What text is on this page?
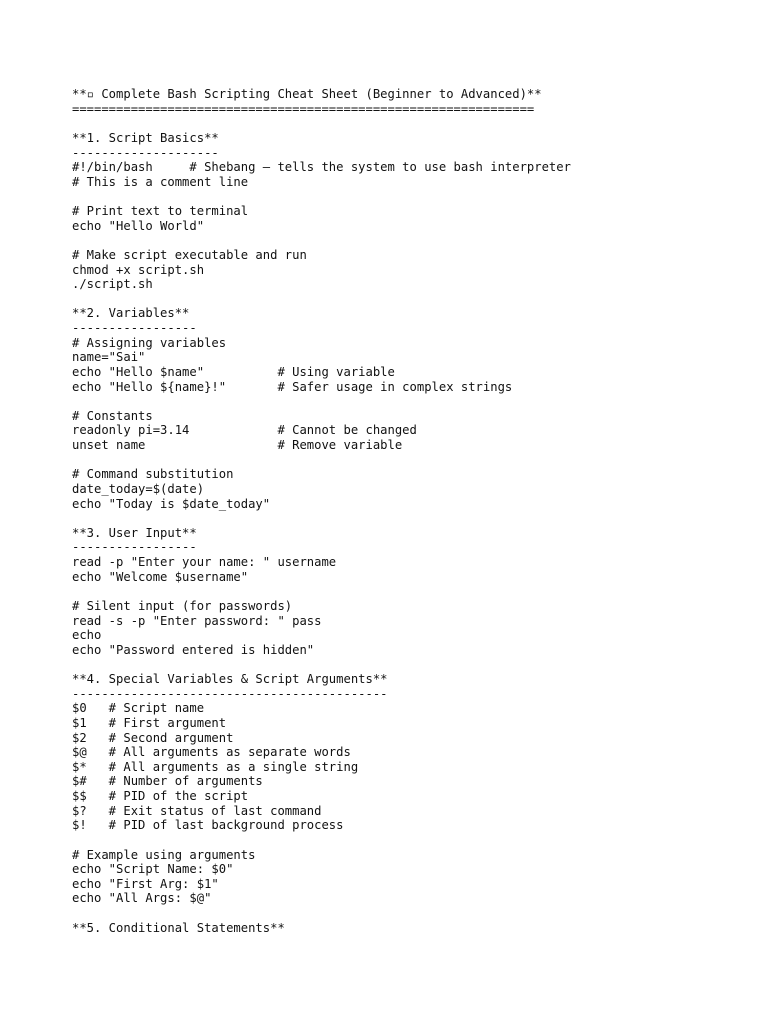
**▫ Complete Bash Scripting Cheat Sheet (Beginner to Advanced)**
===============================================================
**1. Script Basics**
--------------------
#!/bin/bash     # Shebang – tells the system to use bash interpreter
# This is a comment line
# Print text to terminal
echo "Hello World"
# Make script executable and run
chmod +x script.sh
./script.sh
**2. Variables**
-----------------
# Assigning variables
name="Sai"
echo "Hello $name"          # Using variable
echo "Hello ${name}!"       # Safer usage in complex strings
# Constants
readonly pi=3.14            # Cannot be changed
unset name                  # Remove variable
# Command substitution
date_today=$(date)
echo "Today is $date_today"
**3. User Input**
-----------------
read -p "Enter your name: " username
echo "Welcome $username"
# Silent input (for passwords)
read -s -p "Enter password: " pass
echo
echo "Password entered is hidden"
**4. Special Variables & Script Arguments**
-------------------------------------------
$0   # Script name
$1   # First argument
$2   # Second argument
$@   # All arguments as separate words
$*   # All arguments as a single string
$#   # Number of arguments
$$   # PID of the script
$?   # Exit status of last command
$!   # PID of last background process
# Example using arguments
echo "Script Name: $0"
echo "First Arg: $1"
echo "All Args: $@"
**5. Conditional Statements**
